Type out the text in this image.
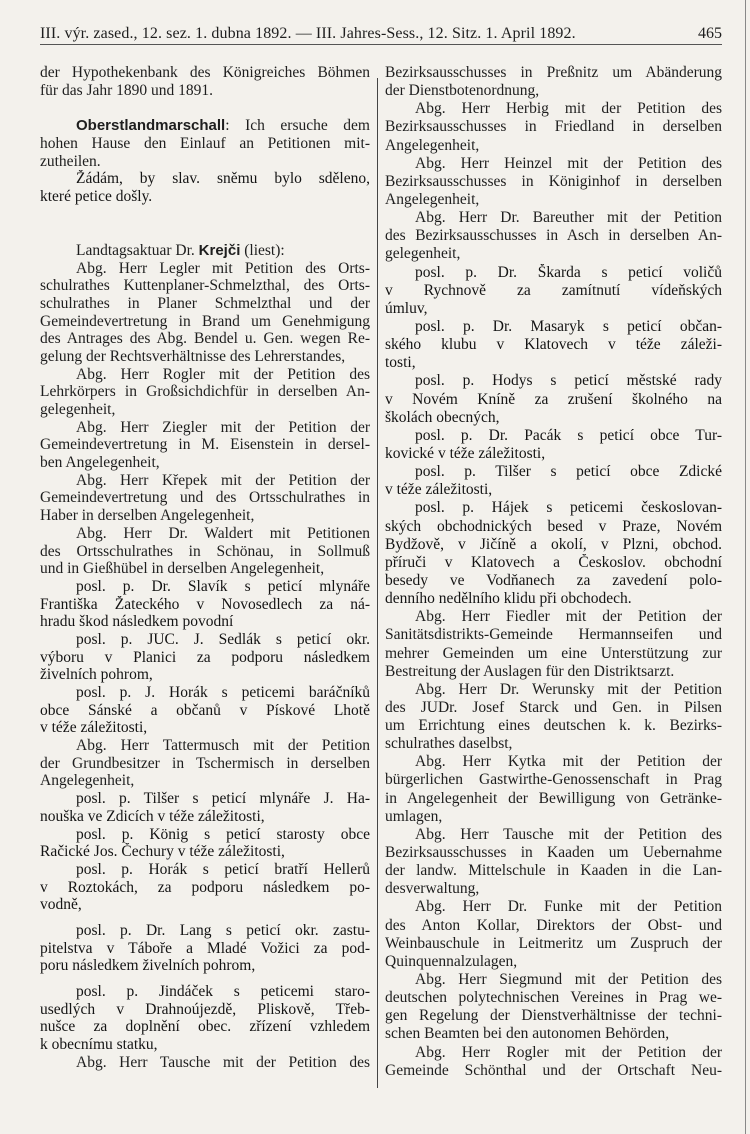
III. výr. zased., 12. sez. 1. dubna 1892. — III. Jahres-Sess., 12. Sitz. 1. April 1892.	465
der Hypothekenbank des Königreiches Böhmen
für das Jahr 1890 und 1891.
Oberstlandmarschall: Ich ersuche dem
hohen Hause den Einlauf an Petitionen mit-
zutheilen.
Žádám, by slav. sněmu bylo sděleno,
které petice došly.
Landtagsaktuar Dr. Krejči (liest):
Abg. Herr Legler mit Petition des Orts-
schulrathes Kuttenplaner-Schmelzthal, des Orts-
schulrathes in Planer Schmelzthal und der
Gemeindevertretung in Brand um Genehmigung
des Antrages des Abg. Bendel u. Gen. wegen Re-
gelung der Rechtsverhältnisse des Lehrerstandes,
Abg. Herr Rogler mit der Petition des
Lehrkörpers in Großsichdichfür in derselben An-
gelegenheit,
Abg. Herr Ziegler mit der Petition der
Gemeindevertretung in M. Eisenstein in dersel-
ben Angelegenheit,
Abg. Herr Křepek mit der Petition der
Gemeindevertretung und des Ortsschulrathes in
Haber in derselben Angelegenheit,
Abg. Herr Dr. Waldert mit Petitionen
des Ortsschulrathes in Schönau, in Sollmuß
und in Gießhübel in derselben Angelegenheit,
posl. p. Dr. Slavík s peticí mlynáře
Františka Žateckého v Novosedlech za ná-
hradu škod následkem povodní
posl. p. JUC. J. Sedlák s peticí okr.
výboru v Planici za podporu následkem
živelních pohrom,
posl. p. J. Horák s peticemi baráčníků
obce Sánské a občanů v Pískové Lhotě
v téže záležitosti,
Abg. Herr Tattermusch mit der Petition
der Grundbesitzer in Tschermisch in derselben
Angelegenheit,
posl. p. Tilšer s peticí mlynáře J. Ha-
nouška ve Zdicích v téže záležitosti,
posl. p. König s peticí starosty obce
Račické Jos. Čechury v téže záležitosti,
posl. p. Horák s peticí bratří Hellerů
v Roztokách, za podporu následkem po-
vodně,
posl. p. Dr. Lang s peticí okr. zastu-
pitelstva v Táboře a Mladé Vožici za pod-
poru následkem živelních pohrom,
posl. p. Jindáček s peticemi staro-
usedlých v Drahnoújezdě, Pliskově, Třeb-
nušce za doplnění obec. zřízení vzhledem
k obecnímu statku,
Abg. Herr Tausche mit der Petition des
Bezirksausschusses in Preßnitz um Abänderung
der Dienstbotenordnung,
Abg. Herr Herbig mit der Petition des
Bezirksausschusses in Friedland in derselben
Angelegenheit,
Abg. Herr Heinzel mit der Petition des
Bezirksausschusses in Königinhof in derselben
Angelegenheit,
Abg. Herr Dr. Bareuther mit der Petition
des Bezirksausschusses in Asch in derselben An-
gelegenheit,
posl. p. Dr. Škarda s peticí voličů
v Rychnově za zamítnutí vídeňských
úmluv,
posl. p. Dr. Masaryk s peticí občan-
ského klubu v Klatovech v téže záleži-
tosti,
posl. p. Hodys s peticí městské rady
v Novém Kníně za zrušení školného na
školách obecných,
posl. p. Dr. Pacák s peticí obce Tur-
kovické v téže záležitosti,
posl. p. Tilšer s peticí obce Zdické
v téže záležitosti,
posl. p. Hájek s peticemi českoslovan-
ských obchodnických besed v Praze, Novém
Bydžově, v Jičíně a okolí, v Plzni, obchod.
příruči v Klatovech a Českoslov. obchodní
besedy ve Vodňanech za zavedení polo-
denního nedělního klidu při obchodech.
Abg. Herr Fiedler mit der Petition der
Sanitätsdistrikts-Gemeinde Hermannseifen und
mehrer Gemeinden um eine Unterstützung zur
Bestreitung der Auslagen für den Distriktsarzt.
Abg. Herr Dr. Werunsky mit der Petition
des JUDr. Josef Starck und Gen. in Pilsen
um Errichtung eines deutschen k. k. Bezirks-
schulrathes daselbst,
Abg. Herr Kytka mit der Petition der
bürgerlichen Gastwirthe-Genossenschaft in Prag
in Angelegenheit der Bewilligung von Getränke-
umlagen,
Abg. Herr Tausche mit der Petition des
Bezirksausschusses in Kaaden um Uebernahme
der landw. Mittelschule in Kaaden in die Lan-
desverwaltung,
Abg. Herr Dr. Funke mit der Petition
des Anton Kollar, Direktors der Obst- und
Weinbauschule in Leitmeritz um Zuspruch der
Quinquennalzulagen,
Abg. Herr Siegmund mit der Petition des
deutschen polytechnischen Vereines in Prag we-
gen Regelung der Dienstverhältnisse der techni-
schen Beamten bei den autonomen Behörden,
Abg. Herr Rogler mit der Petition der
Gemeinde Schönthal und der Ortschaft Neu-
